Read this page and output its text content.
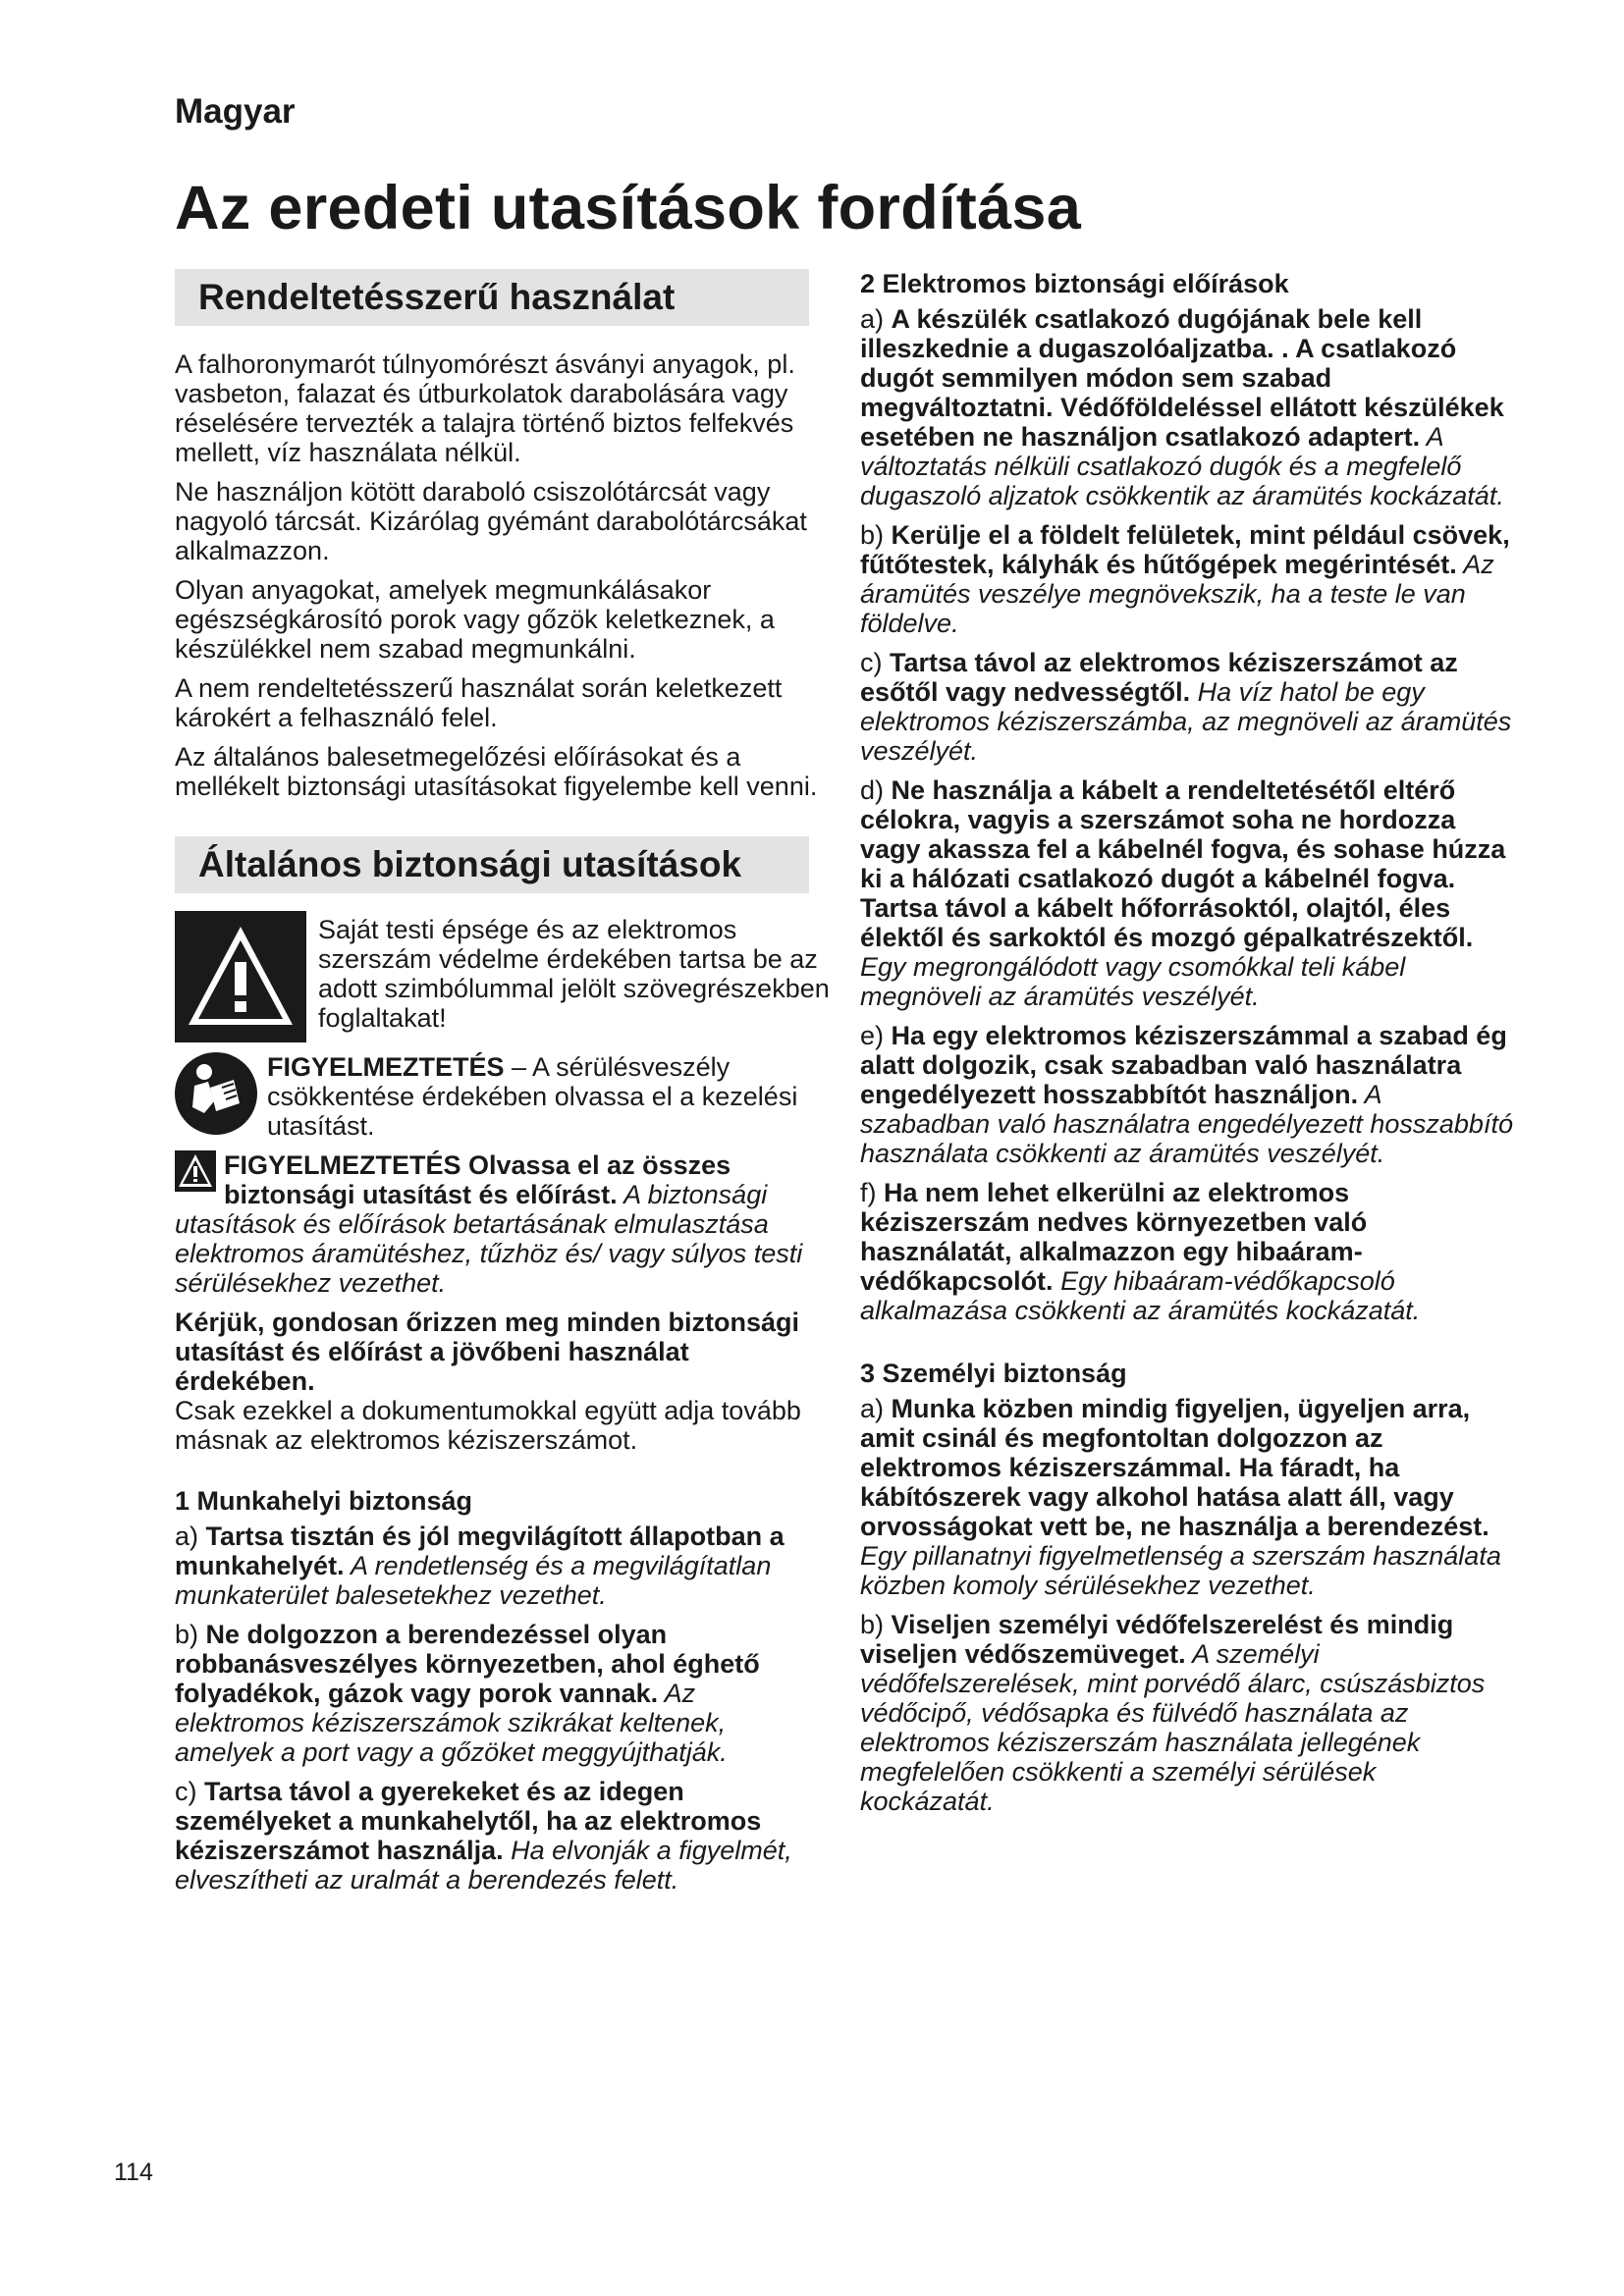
Magyar

Az eredeti utasítások fordítása
Rendeltetésszerű használat

A falhoronymarót túlnyomórészt ásványi anyagok, pl. vasbeton, falazat és útburkolatok darabolására vagy réselésére tervezték a talajra történő biztos felfekvés mellett, víz használata nélkül.

Ne használjon kötött daraboló csiszolótárcsát vagy nagyoló tárcsát. Kizárólag gyémánt darabolótárcsákat alkalmazzon.

Olyan anyagokat, amelyek megmunkálásakor egészségkárosító porok vagy gőzök keletkeznek, a készülékkel nem szabad megmunkálni.

A nem rendeltetésszerű használat során keletkezett károkért a felhasználó felel.

Az általános balesetmegelőzési előírásokat és a mellékelt biztonsági utasításokat figyelembe kell venni.

Általános biztonsági utasítások

Saját testi épsége és az elektromos szerszám védelme érdekében tartsa be az adott szimbólummal jelölt szövegrészekben foglaltakat!

FIGYELMEZTETÉS – A sérülésveszély csökkentése érdekében olvassa el a kezelési utasítást.

FIGYELMEZTETÉS Olvassa el az összes biztonsági utasítást és előírást. A biztonsági utasítások és előírások betartásának elmulasztása elektromos áramütéshez, tűzhöz és/ vagy súlyos testi sérülésekhez vezethet.

Kérjük, gondosan őrizzen meg minden biztonsági utasítást és előírást a jövőbeni használat érdekében.

Csak ezekkel a dokumentumokkal együtt adja tovább másnak az elektromos kéziszerszámot.

1 Munkahelyi biztonság

a) Tartsa tisztán és jól megvilágított állapotban a munkahelyét. A rendetlenség és a megvilágítatlan munkaterület balesetekhez vezethet.

b) Ne dolgozzon a berendezéssel olyan robbanásveszélyes környezetben, ahol éghető folyadékok, gázok vagy porok vannak. Az elektromos kéziszerszámok szikrákat keltenek, amelyek a port vagy a gőzöket meggyújthatják.

c) Tartsa távol a gyerekeket és az idegen személyeket a munkahelytől, ha az elektromos kéziszerszámot használja. Ha elvonják a figyelmét, elveszítheti az uralmát a berendezés felett.

2 Elektromos biztonsági előírások

a) A készülék csatlakozó dugójának bele kell illeszkednie a dugaszolóaljzatba. . A csatlakozó dugót semmilyen módon sem szabad megváltoztatni. Védőföldeléssel ellátott készülékek esetében ne használjon csatlakozó adaptert. A változtatás nélküli csatlakozó dugók és a megfelelő dugaszoló aljzatok csökkentik az áramütés kockázatát.

b) Kerülje el a földelt felületek, mint például csövek, fűtőtestek, kályhák és hűtőgépek megérintését. Az áramütés veszélye megnövekszik, ha a teste le van földelve.

c) Tartsa távol az elektromos kéziszerszámot az esőtől vagy nedvességtől. Ha víz hatol be egy elektromos kéziszerszámba, az megnöveli az áramütés veszélyét.

d) Ne használja a kábelt a rendeltetésétől eltérő célokra, vagyis a szerszámot soha ne hordozza vagy akassza fel a kábelnél fogva, és sohase húzza ki a hálózati csatlakozó dugót a kábelnél fogva. Tartsa távol a kábelt hőforrásoktól, olajtól, éles élektől és sarkoktól és mozgó gépalkatrészektől. Egy megrongálódott vagy csomókkal teli kábel megnöveli az áramütés veszélyét.

e) Ha egy elektromos kéziszerszámmal a szabad ég alatt dolgozik, csak szabadban való használatra engedélyezett hosszabbítót használjon. A szabadban való használatra engedélyezett hosszabbító használata csökkenti az áramütés veszélyét.

f) Ha nem lehet elkerülni az elektromos kéziszerszám nedves környezetben való használatát, alkalmazzon egy hibaáram-védőkapcsolót. Egy hibaáram-védőkapcsoló alkalmazása csökkenti az áramütés kockázatát.

3 Személyi biztonság

a) Munka közben mindig figyeljen, ügyeljen arra, amit csinál és megfontoltan dolgozzon az elektromos kéziszerszámmal. Ha fáradt, ha kábítószerek vagy alkohol hatása alatt áll, vagy orvosságokat vett be, ne használja a berendezést. Egy pillanatnyi figyelmetlenség a szerszám használata közben komoly sérülésekhez vezethet.

b) Viseljen személyi védőfelszerelést és mindig viseljen védőszemüveget. A személyi védőfelszerelések, mint porvédő álarc, csúszásbiztos védőcipő, védősapka és fülvédő használata az elektromos kéziszerszám használata jellegének megfelelően csökkenti a személyi sérülések kockázatát.

114
